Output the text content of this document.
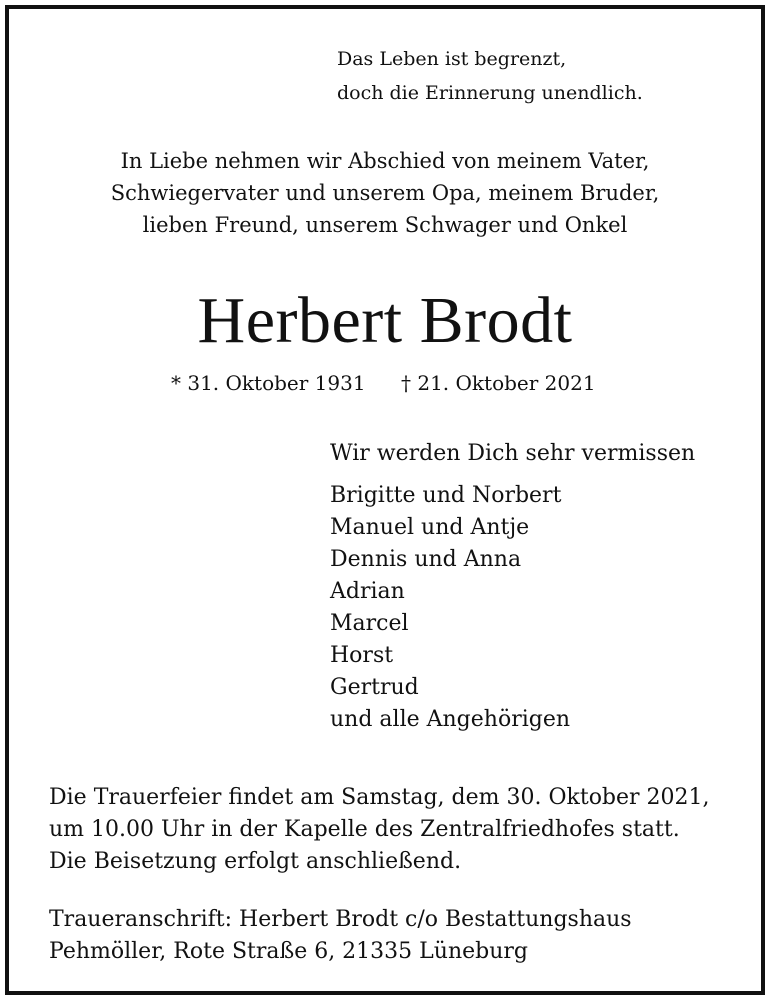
Das Leben ist begrenzt,
doch die Erinnerung unendlich.
In Liebe nehmen wir Abschied von meinem Vater,
Schwiegervater und unserem Opa, meinem Bruder,
lieben Freund, unserem Schwager und Onkel
Herbert Brodt
* 31. Oktober 1931 † 21. Oktober 2021
Wir werden Dich sehr vermissen
Brigitte und Norbert
Manuel und Antje
Dennis und Anna
Adrian
Marcel
Horst
Gertrud
und alle Angehörigen
Die Trauerfeier findet am Samstag, dem 30. Oktober 2021,
um 10.00 Uhr in der Kapelle des Zentralfriedhofes statt.
Die Beisetzung erfolgt anschließend.
Traueranschrift: Herbert Brodt c/o Bestattungshaus
Pehmöller, Rote Straße 6, 21335 Lüneburg
